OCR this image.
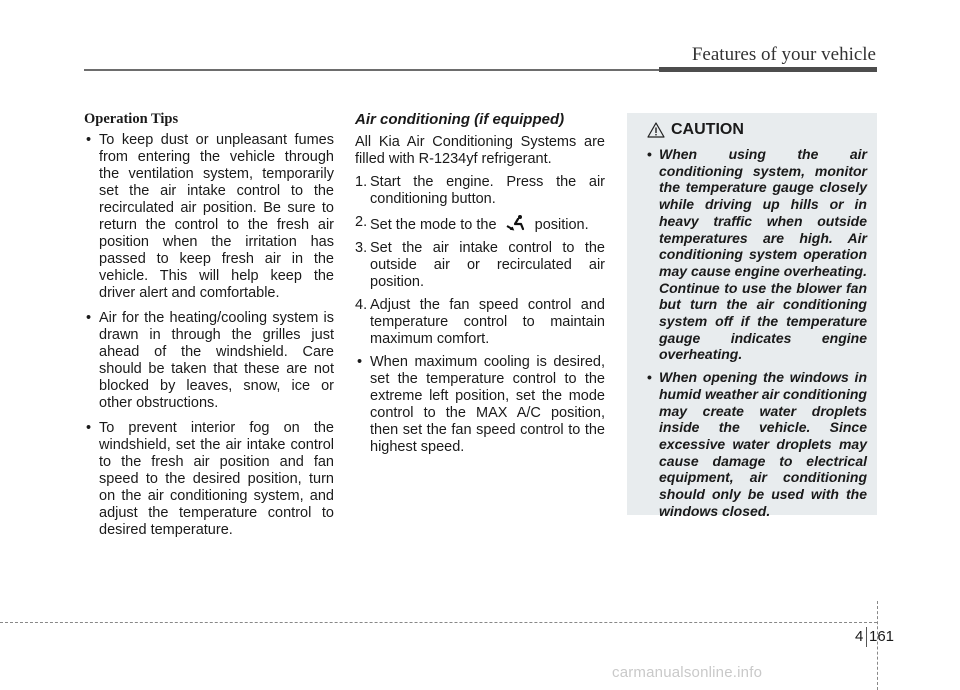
Features of your vehicle
Operation Tips
• To keep dust or unpleasant fumes from entering the vehicle through the ventilation system, temporarily set the air intake control to the recirculated air position. Be sure to return the control to the fresh air position when the irritation has passed to keep fresh air in the vehicle. This will help keep the driver alert and comfortable.
• Air for the heating/cooling system is drawn in through the grilles just ahead of the windshield. Care should be taken that these are not blocked by leaves, snow, ice or other obstructions.
• To prevent interior fog on the windshield, set the air intake control to the fresh air position and fan speed to the desired position, turn on the air conditioning system, and adjust the temperature control to desired temperature.
Air conditioning (if equipped)

All Kia Air Conditioning Systems are filled with R-1234yf refrigerant.

1. Start the engine. Press the air conditioning button.
2. Set the mode to the	position.
3. Set the air intake control to the outside air or recirculated air position.
4. Adjust the fan speed control and temperature control to maintain maximum comfort.
• When maximum cooling is desired, set the temperature control to the extreme left position, set the mode control to the MAX A/C position, then set the fan speed control to the highest speed.
CAUTION
• When using the air conditioning system, monitor the temperature gauge closely while driving up hills or in heavy traffic when outside temperatures are high. Air conditioning system operation may cause engine overheating. Continue to use the blower fan but turn the air conditioning system off if the temperature gauge indicates engine overheating.
• When opening the windows in humid weather air conditioning may create water droplets inside the vehicle. Since excessive water droplets may cause damage to electrical equipment, air conditioning should only be used with the windows closed.
4 161
carmanualsonline.info
